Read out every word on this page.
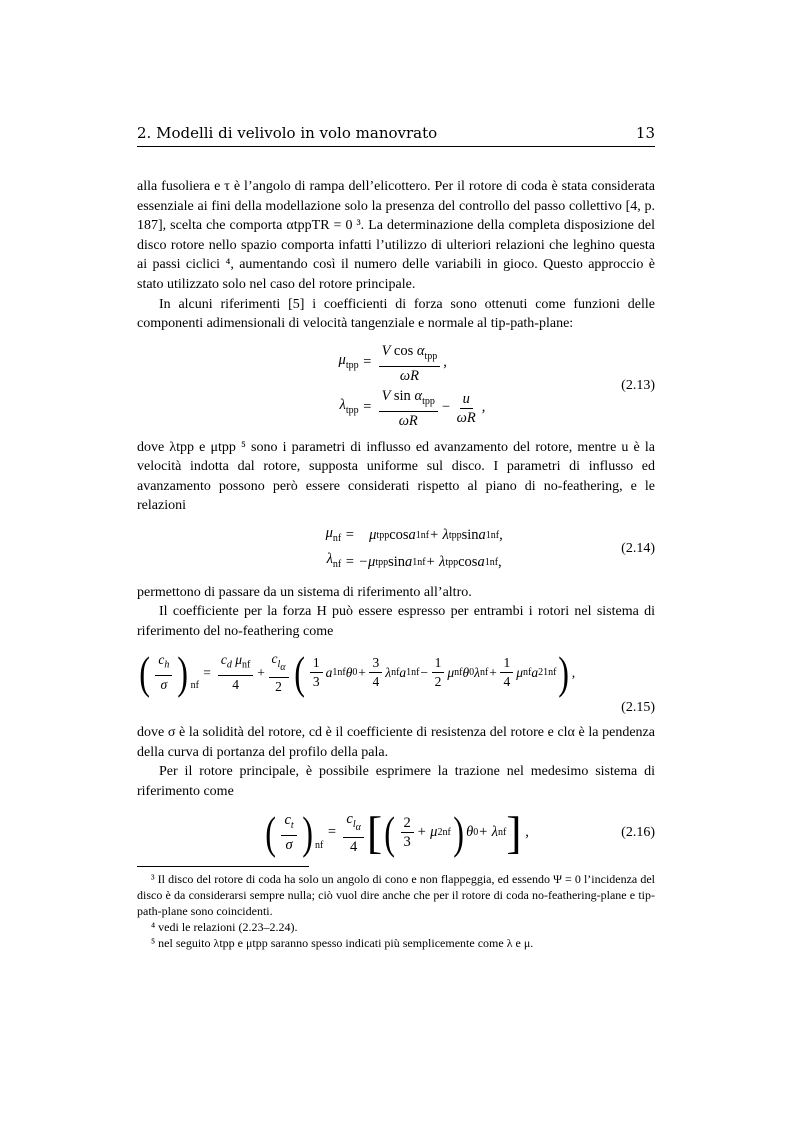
2. Modelli di velivolo in volo manovrato	13

alla fusoliera e τ è l’angolo di rampa dell’elicottero. Per il rotore di coda è stata considerata essenziale ai fini della modellazione solo la presenza del controllo del passo collettivo [4, p. 187], scelta che comporta αtppTR = 0 ³. La determinazione della completa disposizione del disco rotore nello spazio comporta infatti l’utilizzo di ulteriori relazioni che leghino questa ai passi ciclici ⁴, aumentando così il numero delle variabili in gioco. Questo approccio è stato utilizzato solo nel caso del rotore principale.

In alcuni riferimenti [5] i coefficienti di forza sono ottenuti come funzioni delle componenti adimensionali di velocità tangenziale e normale al tip-path-plane:

$\mu_{tpp} = \frac{V \cos \alpha_{tpp}}{\omega R}$ ,
$\lambda_{tpp} = \frac{V \sin \alpha_{tpp}}{\omega R} - \frac{u}{\omega R}$ ,
(2.13)

dove λtpp e μtpp ⁵ sono i parametri di influsso ed avanzamento del rotore, mentre u è la velocità indotta dal rotore, supposta uniforme sul disco. I parametri di influsso ed avanzamento possono però essere considerati rispetto al piano di no-feathering, e le relazioni

$\mu_{nf}$ =    μ tpp cos a 1nf + λ tpp sin a 1nf ,
$\lambda_{nf} = -\mu$ tpp sin a 1nf + λ tpp cos a 1nf ,
(2.14)

permettono di passare da un sistema di riferimento all’altro.

Il coefficiente per la forza H può essere espresso per entrambi i rotori nel sistema di riferimento del no-feathering come

( $\frac{c_h}{\sigma} )_{nf}$
= $\frac{c_d \mu_{nf}}{4} + \frac{c_{l_\alpha}}{2}$ ( $\frac{1}{3}$ a 1nf θ $0 + \frac{3}{4}$ λ nf a $1nf - \frac{1}{2}$ μ nf θ 0 λ nf + $\frac{1}{4}$ μ nf a 2 1nf ) ,
(2.15)

dove σ è la solidità del rotore, cd è il coefficiente di resistenza del rotore e clα è la pendenza della curva di portanza del profilo della pala.

Per il rotore principale, è possibile esprimere la trazione nel medesimo sistema di riferimento come

( $\frac{c_t}{\sigma} )_{nf}$
= $\frac{c_{l_\alpha}}{4}$ [ ( $\frac{2}{3} + \mu$ 2 nf ) θ 0 + λ nf ] ,	(2.16)

³ Il disco del rotore di coda ha solo un angolo di cono e non flappeggia, ed essendo Ψ = 0 l’incidenza del disco è da considerarsi sempre nulla; ciò vuol dire anche che per il rotore di coda no-feathering-plane e tip-path-plane sono coincidenti.

⁴ vedi le relazioni (2.23–2.24).

⁵ nel seguito λtpp e μtpp saranno spesso indicati più semplicemente come λ e μ.
